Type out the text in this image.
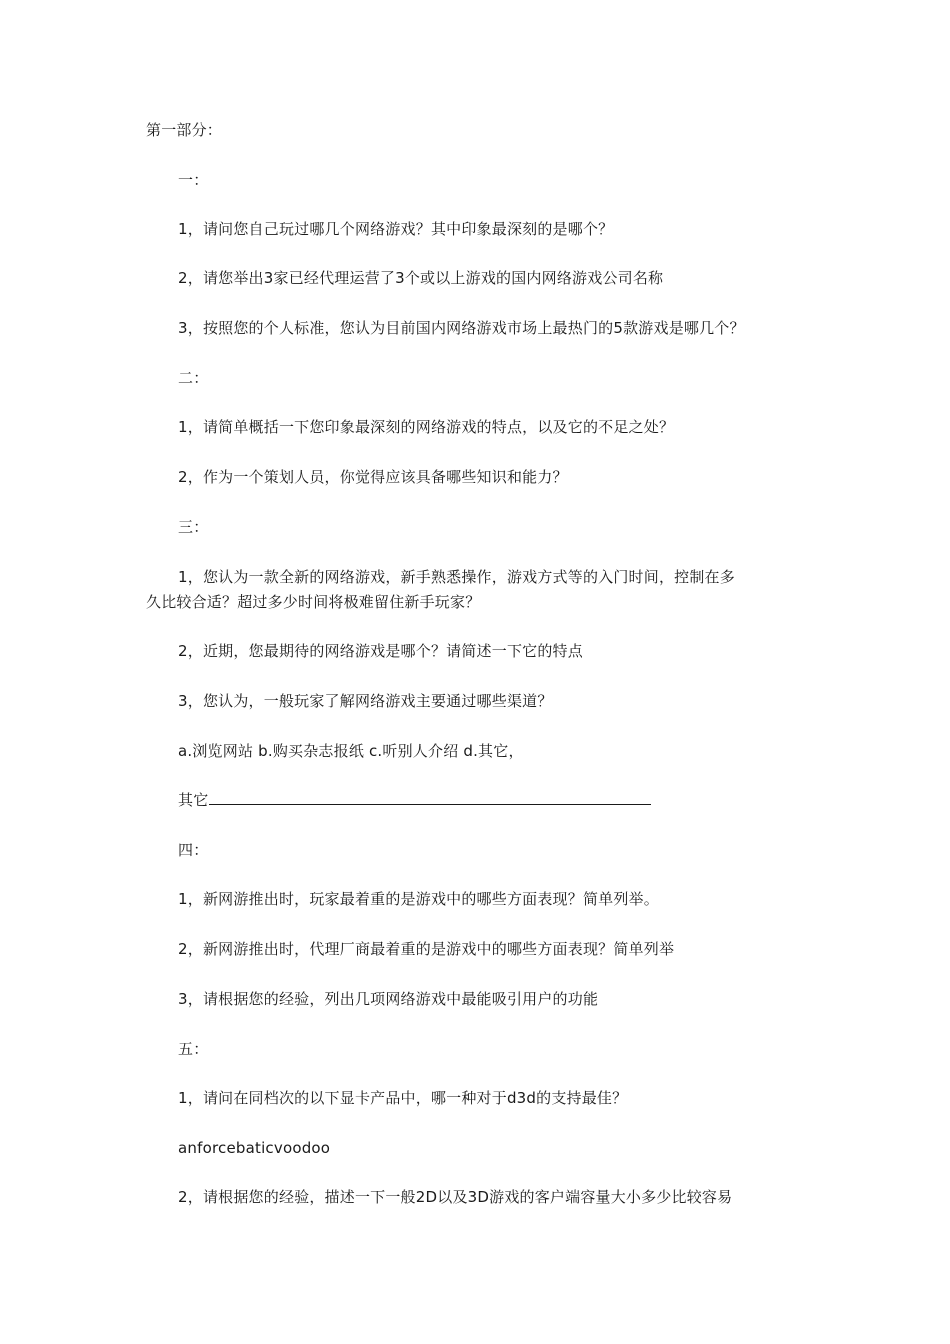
第一部分：
一：
1，请问您自己玩过哪几个网络游戏？其中印象最深刻的是哪个？
2，请您举出3家已经代理运营了3个或以上游戏的国内网络游戏公司名称
3，按照您的个人标准，您认为目前国内网络游戏市场上最热门的5款游戏是哪几个？
二：
1，请简单概括一下您印象最深刻的网络游戏的特点，以及它的不足之处？
2，作为一个策划人员，你觉得应该具备哪些知识和能力？
三：
1，您认为一款全新的网络游戏，新手熟悉操作，游戏方式等的入门时间，控制在多
久比较合适？超过多少时间将极难留住新手玩家？
2，近期，您最期待的网络游戏是哪个？请简述一下它的特点
3，您认为，一般玩家了解网络游戏主要通过哪些渠道？
a.浏览网站 b.购买杂志报纸 c.听别人介绍 d.其它，
其它
四：
1，新网游推出时，玩家最着重的是游戏中的哪些方面表现？简单列举。
2，新网游推出时，代理厂商最着重的是游戏中的哪些方面表现？简单列举
3，请根据您的经验，列出几项网络游戏中最能吸引用户的功能
五：
1，请问在同档次的以下显卡产品中，哪一种对于d3d的支持最佳？
anforcebaticvoodoo
2，请根据您的经验，描述一下一般2D以及3D游戏的客户端容量大小多少比较容易
